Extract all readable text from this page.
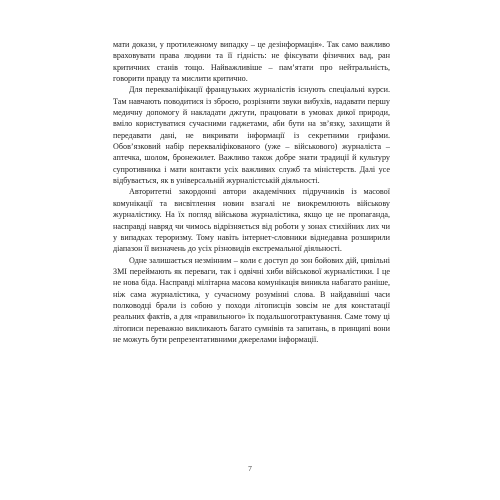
мати докази, у протилежному випадку – це дезінформація». Так само важливо враховувати права людини та її гідність: не фіксувати фізичних вад, ран критичних станів тощо. Найважливіше – пам’ятати про нейтральність, говорити правду та мислити критично.

Для перекваліфікації французьких журналістів існують спеціальні курси. Там навчають поводитися із зброєю, розрізняти звуки вибухів, надавати першу медичну допомогу й накладати джгути, працювати в умовах дикої природи, вміло користуватися сучасними гаджетами, аби бути на зв’язку, захищати й передавати дані, не викривати інформації із секретними грифами. Обов’язковий набір перекваліфікованого (уже – військового) журналіста – аптечка, шолом, бронежилет. Важливо також добре знати традиції й культуру супротивника і мати контакти усіх важливих служб та міністерств. Далі усе відбувається, як в універсальній журналістській діяльності.

Авторитетні закордонні автори академічних підручників із масової комунікації та висвітлення новин взагалі не виокремлюють військову журналістику. На їх погляд військова журналістика, якщо це не пропаганда, насправді навряд чи чимось відрізняється від роботи у зонах стихійних лих чи у випадках тероризму. Тому навіть інтернет-словники віднедавна розширили діапазон її визначень до усіх різновидів екстремальної діяльності.

Одне залишається незмінним – коли є доступ до зон бойових дій, цивільні ЗМІ переймають як переваги, так і одвічні хиби військової журналістики. І це не нова біда. Насправді мілітарна масова комунікація виникла набагато раніше, ніж сама журналістика, у сучасному розумінні слова. В найдавніші часи полководці брали із собою у походи літописців зовсім не для констатації реальних фактів, а для «правильного» їх подальшоготрактування. Саме тому ці літописи переважно викликають багато сумнівів та запитань, в принципі вони не можуть бути репрезентативними джерелами інформації.

7
